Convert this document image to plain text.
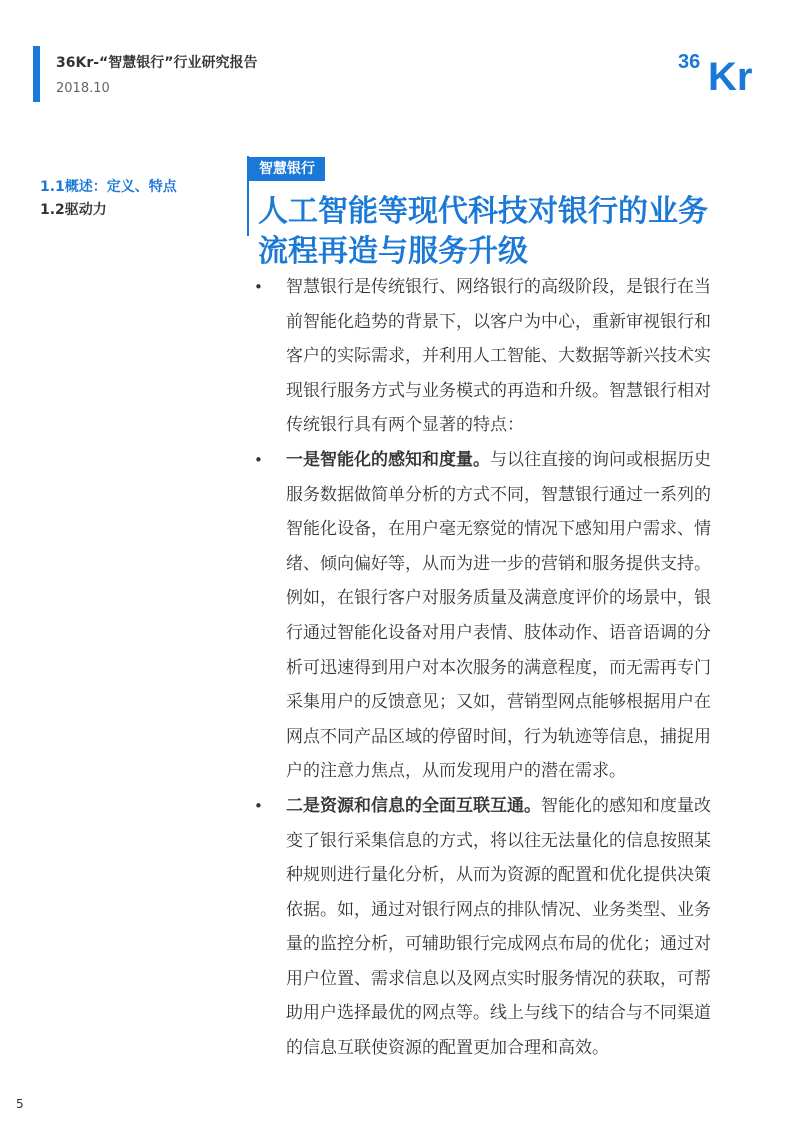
36Kr-“智慧银行”行业研究报告
2018.10
36 Kr
1.1概述：定义、特点
1.2驱动力
智慧银行
人工智能等现代科技对银行的业务流程再造与服务升级
• 智慧银行是传统银行、网络银行的高级阶段，是银行在当前智能化趋势的背景下，以客户为中心，重新审视银行和客户的实际需求，并利用人工智能、大数据等新兴技术实现银行服务方式与业务模式的再造和升级。智慧银行相对传统银行具有两个显著的特点：
• 一是智能化的感知和度量。与以往直接的询问或根据历史服务数据做简单分析的方式不同，智慧银行通过一系列的智能化设备，在用户毫无察觉的情况下感知用户需求、情绪、倾向偏好等，从而为进一步的营销和服务提供支持。例如，在银行客户对服务质量及满意度评价的场景中，银行通过智能化设备对用户表情、肢体动作、语音语调的分析可迅速得到用户对本次服务的满意程度，而无需再专门采集用户的反馈意见；又如，营销型网点能够根据用户在网点不同产品区域的停留时间，行为轨迹等信息，捕捉用户的注意力焦点，从而发现用户的潜在需求。
• 二是资源和信息的全面互联互通。智能化的感知和度量改变了银行采集信息的方式，将以往无法量化的信息按照某种规则进行量化分析，从而为资源的配置和优化提供决策依据。如，通过对银行网点的排队情况、业务类型、业务量的监控分析，可辅助银行完成网点布局的优化；通过对用户位置、需求信息以及网点实时服务情况的获取，可帮助用户选择最优的网点等。线上与线下的结合与不同渠道的信息互联使资源的配置更加合理和高效。
5
